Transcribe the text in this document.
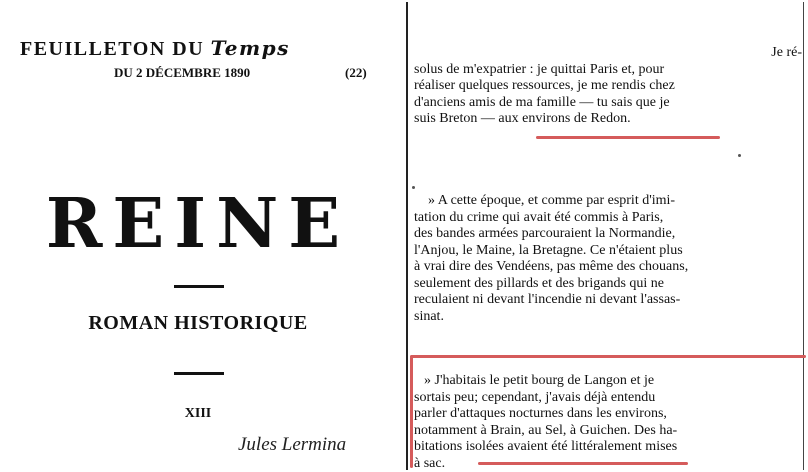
FEUILLETON DU Temps
DU 2 DÉCEMBRE 1890	(22)
REINE
ROMAN HISTORIQUE
XIII
Jules Lermina
Je ré-
solus de m'expatrier : je quittai Paris et, pour
réaliser quelques ressources, je me rendis chez
d'anciens amis de ma famille — tu sais que je
suis Breton — aux environs de Redon.
» A cette époque, et comme par esprit d'imi-
tation du crime qui avait été commis à Paris,
des bandes armées parcouraient la Normandie,
l'Anjou, le Maine, la Bretagne. Ce n'étaient plus
à vrai dire des Vendéens, pas même des chouans,
seulement des pillards et des brigands qui ne
reculaient ni devant l'incendie ni devant l'assas-
sinat.
» J'habitais le petit bourg de Langon et je
sortais peu; cependant, j'avais déjà entendu
parler d'attaques nocturnes dans les environs,
notamment à Brain, au Sel, à Guichen. Des ha-
bitations isolées avaient été littéralement mises
à sac.
